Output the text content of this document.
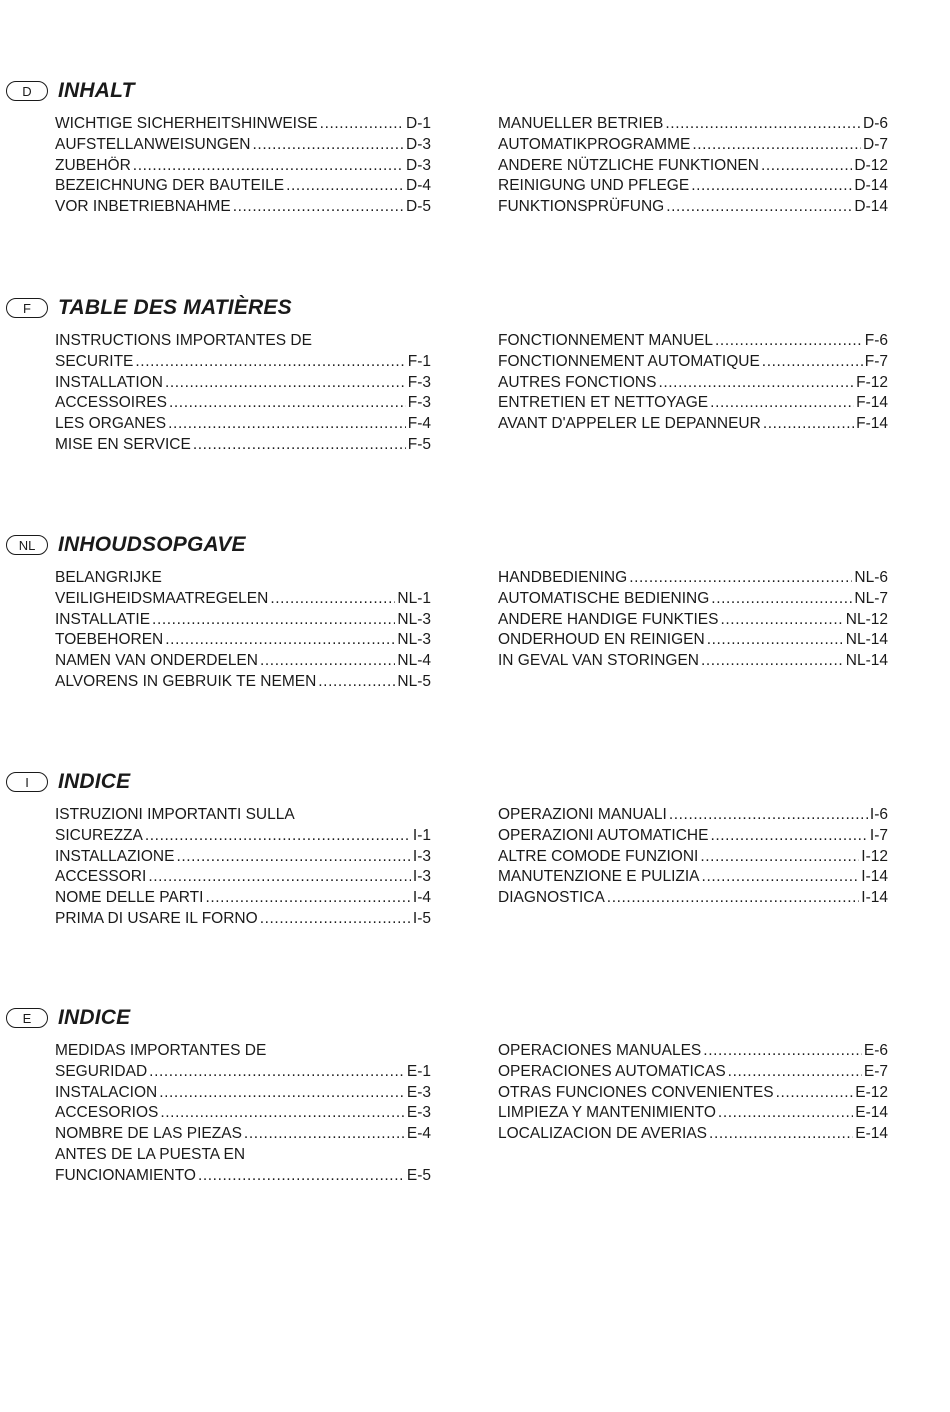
D	INHALT
WICHTIGE SICHERHEITSHINWEISE .....	D-1
AUFSTELLANWEISUNGEN .....	D-3
ZUBEHÖR .....	D-3
BEZEICHNUNG DER BAUTEILE .....	D-4
VOR INBETRIEBNAHME .....	D-5
MANUELLER BETRIEB .....	D-6
AUTOMATIKPROGRAMME .....	D-7
ANDERE NÜTZLICHE FUNKTIONEN .....	D-12
REINIGUNG UND PFLEGE .....	D-14
FUNKTIONSPRÜFUNG .....	D-14
F	TABLE DES MATIÈRES
INSTRUCTIONS IMPORTANTES DE
SECURITE .....	F-1
INSTALLATION .....	F-3
ACCESSOIRES .....	F-3
LES ORGANES .....	F-4
MISE EN SERVICE .....	F-5
FONCTIONNEMENT MANUEL .....	F-6
FONCTIONNEMENT AUTOMATIQUE .....	F-7
AUTRES FONCTIONS .....	F-12
ENTRETIEN ET NETTOYAGE .....	F-14
AVANT D'APPELER LE DEPANNEUR .....	F-14
NL	INHOUDSOPGAVE
BELANGRIJKE
VEILIGHEIDSMAATREGELEN .....	NL-1
INSTALLATIE .....	NL-3
TOEBEHOREN .....	NL-3
NAMEN VAN ONDERDELEN .....	NL-4
ALVORENS IN GEBRUIK TE NEMEN .....	NL-5
HANDBEDIENING .....	NL-6
AUTOMATISCHE BEDIENING .....	NL-7
ANDERE HANDIGE FUNKTIES .....	NL-12
ONDERHOUD EN REINIGEN .....	NL-14
IN GEVAL VAN STORINGEN .....	NL-14
I	INDICE
ISTRUZIONI IMPORTANTI SULLA
SICUREZZA .....	I-1
INSTALLAZIONE .....	I-3
ACCESSORI .....	I-3
NOME DELLE PARTI .....	I-4
PRIMA DI USARE IL FORNO .....	I-5
OPERAZIONI MANUALI .....	I-6
OPERAZIONI AUTOMATICHE .....	I-7
ALTRE COMODE FUNZIONI .....	I-12
MANUTENZIONE E PULIZIA .....	I-14
DIAGNOSTICA .....	I-14
E	INDICE
MEDIDAS IMPORTANTES DE
SEGURIDAD .....	E-1
INSTALACION .....	E-3
ACCESORIOS .....	E-3
NOMBRE DE LAS PIEZAS .....	E-4
ANTES DE LA PUESTA EN
FUNCIONAMIENTO .....	E-5
OPERACIONES MANUALES .....	E-6
OPERACIONES AUTOMATICAS .....	E-7
OTRAS FUNCIONES CONVENIENTES .....	E-12
LIMPIEZA Y MANTENIMIENTO .....	E-14
LOCALIZACION DE AVERIAS .....	E-14
